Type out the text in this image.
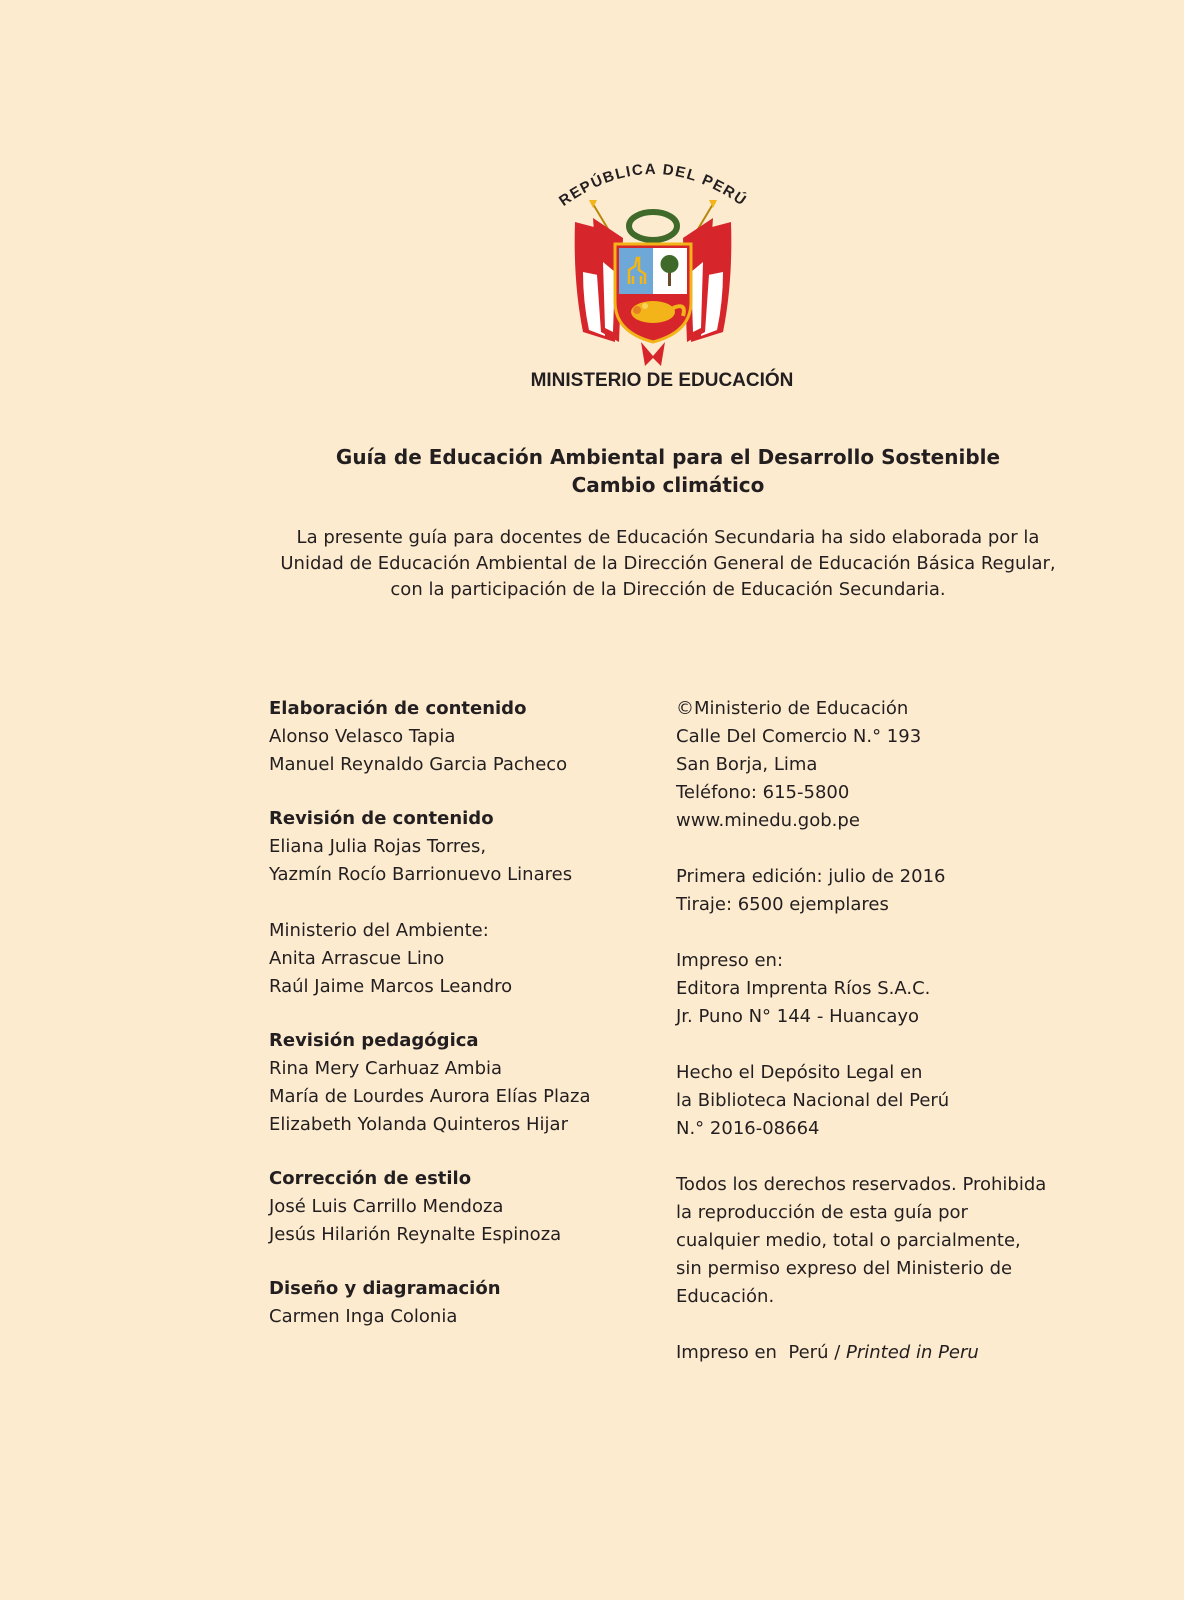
REPÚBLICA DEL PERÚ
MINISTERIO DE EDUCACIÓN
Guía de Educación Ambiental para el Desarrollo Sostenible
Cambio climático
La presente guía para docentes de Educación Secundaria ha sido elaborada por la
Unidad de Educación Ambiental de la Dirección General de Educación Básica Regular,
con la participación de la Dirección de Educación Secundaria.
Elaboración de contenido
Alonso Velasco Tapia
Manuel Reynaldo Garcia Pacheco
Revisión de contenido
Eliana Julia Rojas Torres,
Yazmín Rocío Barrionuevo Linares
Ministerio del Ambiente:
Anita Arrascue Lino
Raúl Jaime Marcos Leandro
Revisión pedagógica
Rina Mery Carhuaz Ambia
María de Lourdes Aurora Elías Plaza
Elizabeth Yolanda Quinteros Hijar
Corrección de estilo
José Luis Carrillo Mendoza
Jesús Hilarión Reynalte Espinoza
Diseño y diagramación
Carmen Inga Colonia
©Ministerio de Educación
Calle Del Comercio N.° 193
San Borja, Lima
Teléfono: 615-5800
www.minedu.gob.pe
Primera edición: julio de 2016
Tiraje: 6500 ejemplares
Impreso en:
Editora Imprenta Ríos S.A.C.
Jr. Puno N° 144 - Huancayo
Hecho el Depósito Legal en
la Biblioteca Nacional del Perú
N.° 2016-08664
Todos los derechos reservados. Prohibida
la reproducción de esta guía por
cualquier medio, total o parcialmente,
sin permiso expreso del Ministerio de
Educación.
Impreso en  Perú / Printed in Peru
